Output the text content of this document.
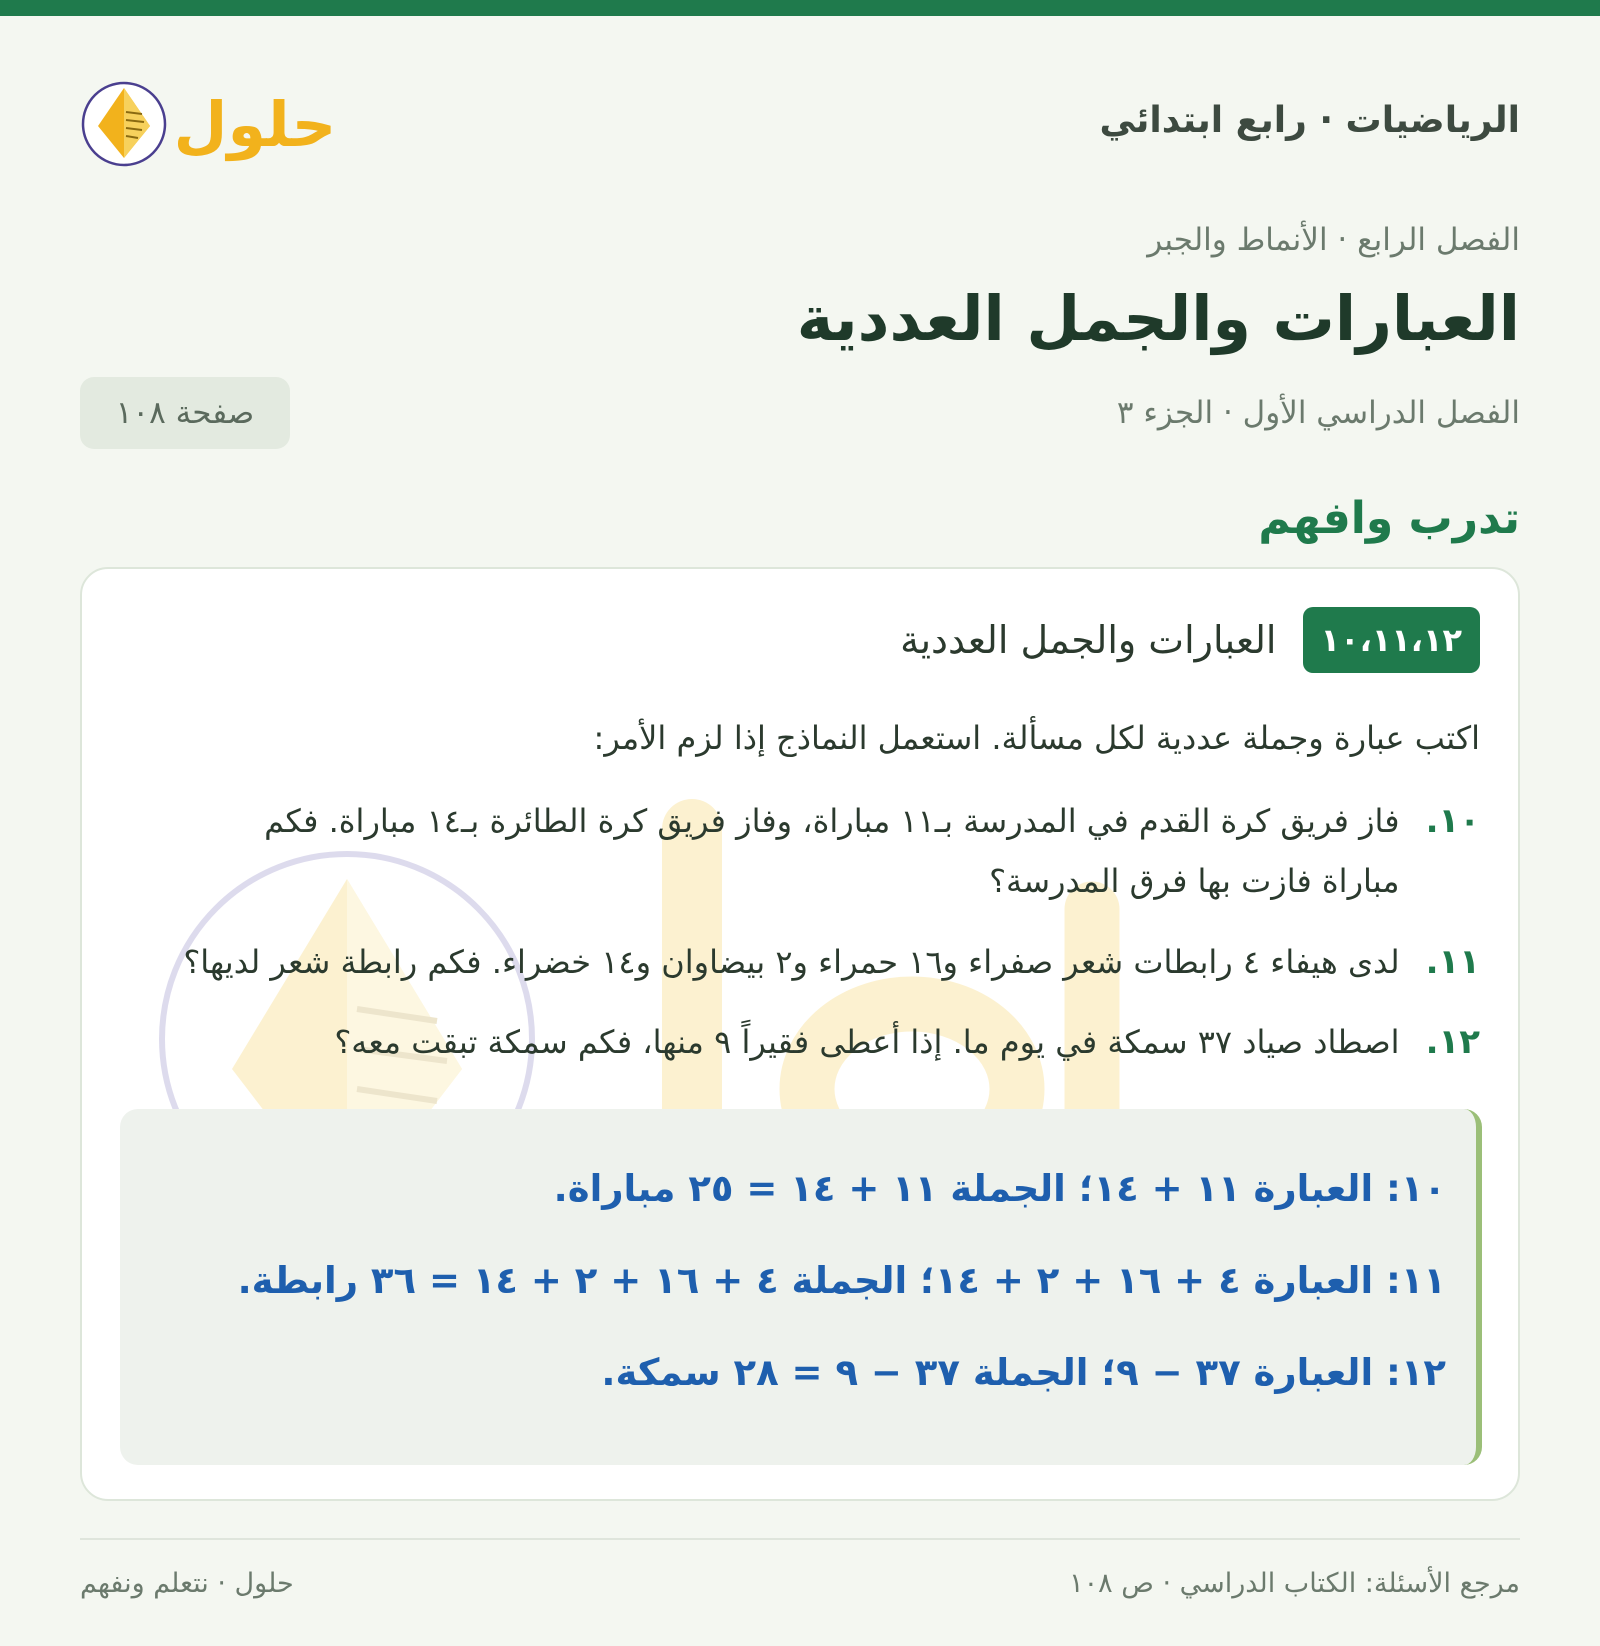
الرياضيات · رابع ابتدائي
حلول
الفصل الرابع · الأنماط والجبر
العبارات والجمل العددية
الفصل الدراسي الأول · الجزء ٣
صفحة ١٠٨
تدرب وافهم
١٠،١١،١٢
العبارات والجمل العددية
اكتب عبارة وجملة عددية لكل مسألة. استعمل النماذج إذا لزم الأمر:
١٠.
فاز فريق كرة القدم في المدرسة بـ١١ مباراة، وفاز فريق كرة الطائرة بـ١٤ مباراة. فكم مباراة فازت بها فرق المدرسة؟
١١.
لدى هيفاء ٤ رابطات شعر صفراء و١٦ حمراء و٢ بيضاوان و١٤ خضراء. فكم رابطة شعر لديها؟
١٢.
اصطاد صياد ٣٧ سمكة في يوم ما. إذا أعطى فقيراً ٩ منها، فكم سمكة تبقت معه؟
١٠: العبارة ١١ + ١٤؛ الجملة ١١ + ١٤ = ٢٥ مباراة.
١١: العبارة ٤ + ١٦ + ٢ + ١٤؛ الجملة ٤ + ١٦ + ٢ + ١٤ = ٣٦ رابطة.
١٢: العبارة ٣٧ − ٩؛ الجملة ٣٧ − ٩ = ٢٨ سمكة.
مرجع الأسئلة: الكتاب الدراسي · ص ١٠٨
حلول · نتعلم ونفهم
